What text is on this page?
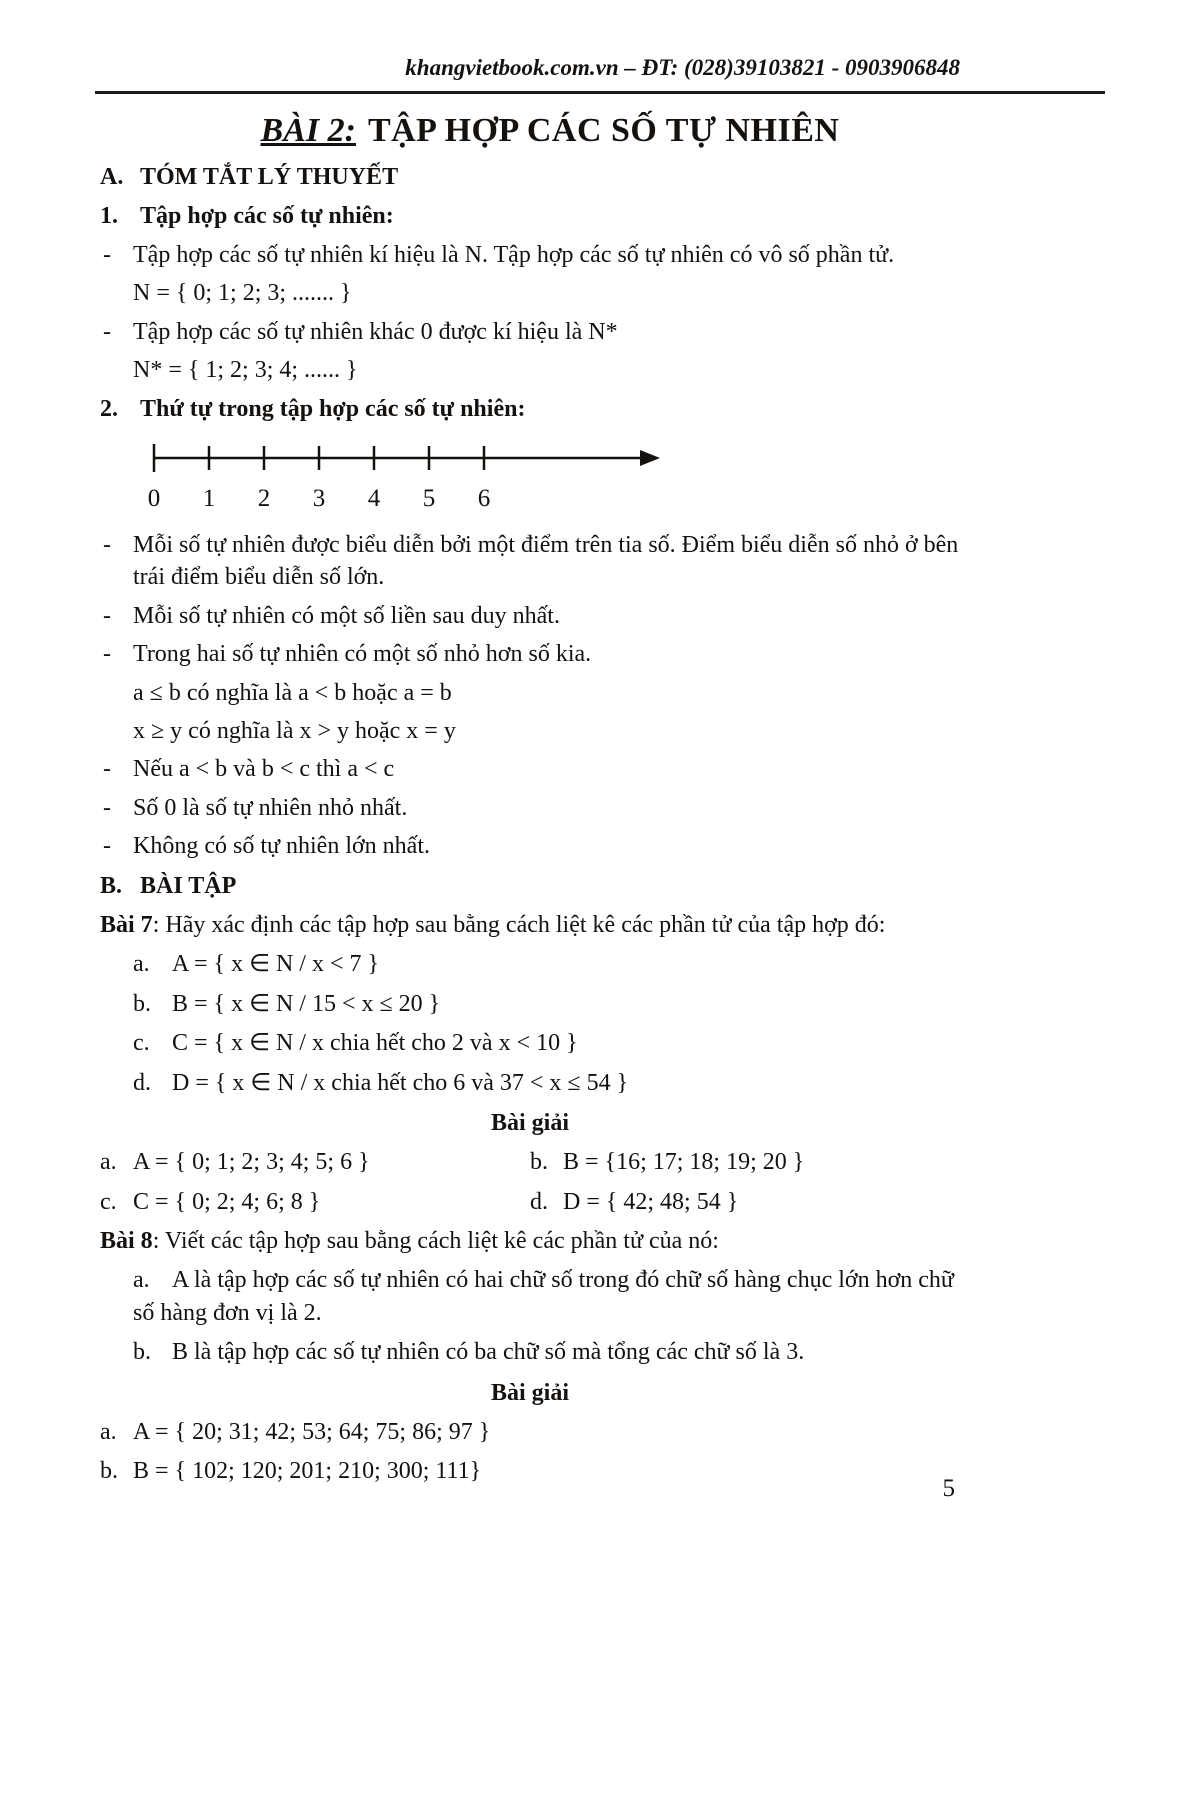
khangvietbook.com.vn – ĐT: (028)39103821 - 0903906848
BÀI 2: TẬP HỢP CÁC SỐ TỰ NHIÊN
A. TÓM TẮT LÝ THUYẾT
1. Tập hợp các số tự nhiên:
- Tập hợp các số tự nhiên kí hiệu là N. Tập hợp các số tự nhiên có vô số phần tử.
N = { 0; 1; 2; 3; ....... }
- Tập hợp các số tự nhiên khác 0 được kí hiệu là N*
N* = { 1; 2; 3; 4; ...... }
2. Thứ tự trong tập hợp các số tự nhiên:
0 1 2 3 4 5 6
- Mỗi số tự nhiên được biểu diễn bởi một điểm trên tia số. Điểm biểu diễn số nhỏ ở bên trái điểm biểu diễn số lớn.
- Mỗi số tự nhiên có một số liền sau duy nhất.
- Trong hai số tự nhiên có một số nhỏ hơn số kia.
a ≤ b có nghĩa là a < b hoặc a = b
x ≥ y có nghĩa là x > y hoặc x = y
- Nếu a < b và b < c thì a < c
- Số 0 là số tự nhiên nhỏ nhất.
- Không có số tự nhiên lớn nhất.
B. BÀI TẬP
Bài 7: Hãy xác định các tập hợp sau bằng cách liệt kê các phần tử của tập hợp đó:
a. A = { x ∈ N / x < 7 }
b. B = { x ∈ N / 15 < x ≤ 20 }
c. C = { x ∈ N / x chia hết cho 2 và x < 10 }
d. D = { x ∈ N / x chia hết cho 6 và 37 < x ≤ 54 }
Bài giải
a. A = { 0; 1; 2; 3; 4; 5; 6 }	b. B = {16; 17; 18; 19; 20 }
c. C = { 0; 2; 4; 6; 8 }	d. D = { 42; 48; 54 }
Bài 8: Viết các tập hợp sau bằng cách liệt kê các phần tử của nó:
a. A là tập hợp các số tự nhiên có hai chữ số trong đó chữ số hàng chục lớn hơn chữ số hàng đơn vị là 2.
b. B là tập hợp các số tự nhiên có ba chữ số mà tổng các chữ số là 3.
Bài giải
a. A = { 20; 31; 42; 53; 64; 75; 86; 97 }
b. B = { 102; 120; 201; 210; 300; 111}
5
